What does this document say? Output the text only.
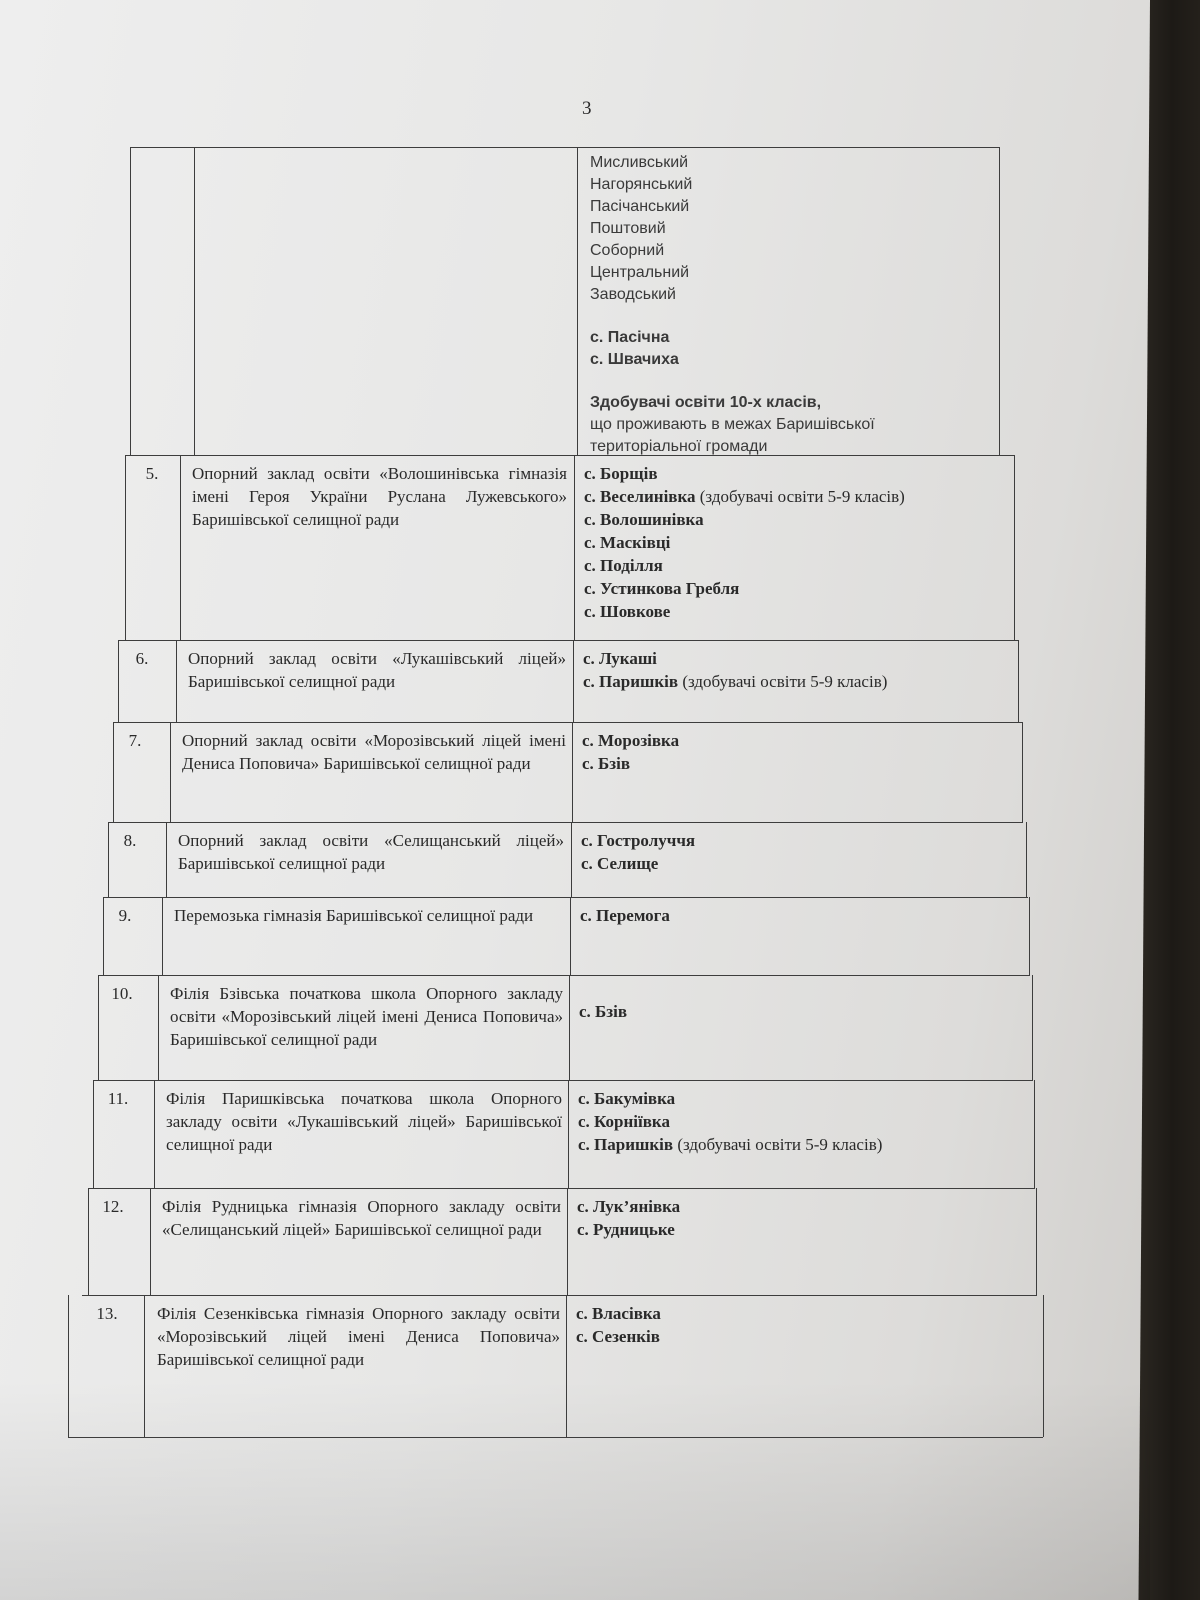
3
Мисливський
Нагорянський
Пасічанський
Поштовий
Соборний
Центральний
Заводський
с. Пасічна
с. Швачиха
Здобувачі освіти 10-х класів,
що проживають в межах Баришівської
територіальної громади
5.	Опорний заклад освіти «Волошинівська гімназія імені Героя України Руслана Лужевського» Баришівської селищної ради
с. Борщів
с. Веселинівка (здобувачі освіти 5-9 класів)
с. Волошинівка
с. Масківці
с. Поділля
с. Устинкова Гребля
с. Шовкове
6.	Опорний заклад освіти «Лукашівський ліцей» Баришівської селищної ради
с. Лукаші
с. Паришків (здобувачі освіти 5-9 класів)
7.	Опорний заклад освіти «Морозівський ліцей імені Дениса Поповича» Баришівської селищної ради
с. Морозівка
с. Бзів
8.	Опорний заклад освіти «Селищанський ліцей» Баришівської селищної ради
с. Гостролуччя
с. Селище
9.	Перемозька гімназія Баришівської селищної ради	с. Перемога
10.	Філія Бзівська початкова школа Опорного закладу освіти «Морозівський ліцей імені Дениса Поповича» Баришівської селищної ради
с. Бзів
11.	Філія Паришківська початкова школа Опорного закладу освіти «Лукашівський ліцей» Баришівської селищної ради
с. Бакумівка
с. Корніївка
с. Паришків (здобувачі освіти 5-9 класів)
12.	Філія Рудницька гімназія Опорного закладу освіти «Селищанський ліцей» Баришівської селищної ради
с. Лук’янівка
с. Рудницьке
13.	Філія Сезенківська гімназія Опорного закладу освіти «Морозівський ліцей імені Дениса Поповича» Баришівської селищної ради
с. Власівка
с. Сезенків
